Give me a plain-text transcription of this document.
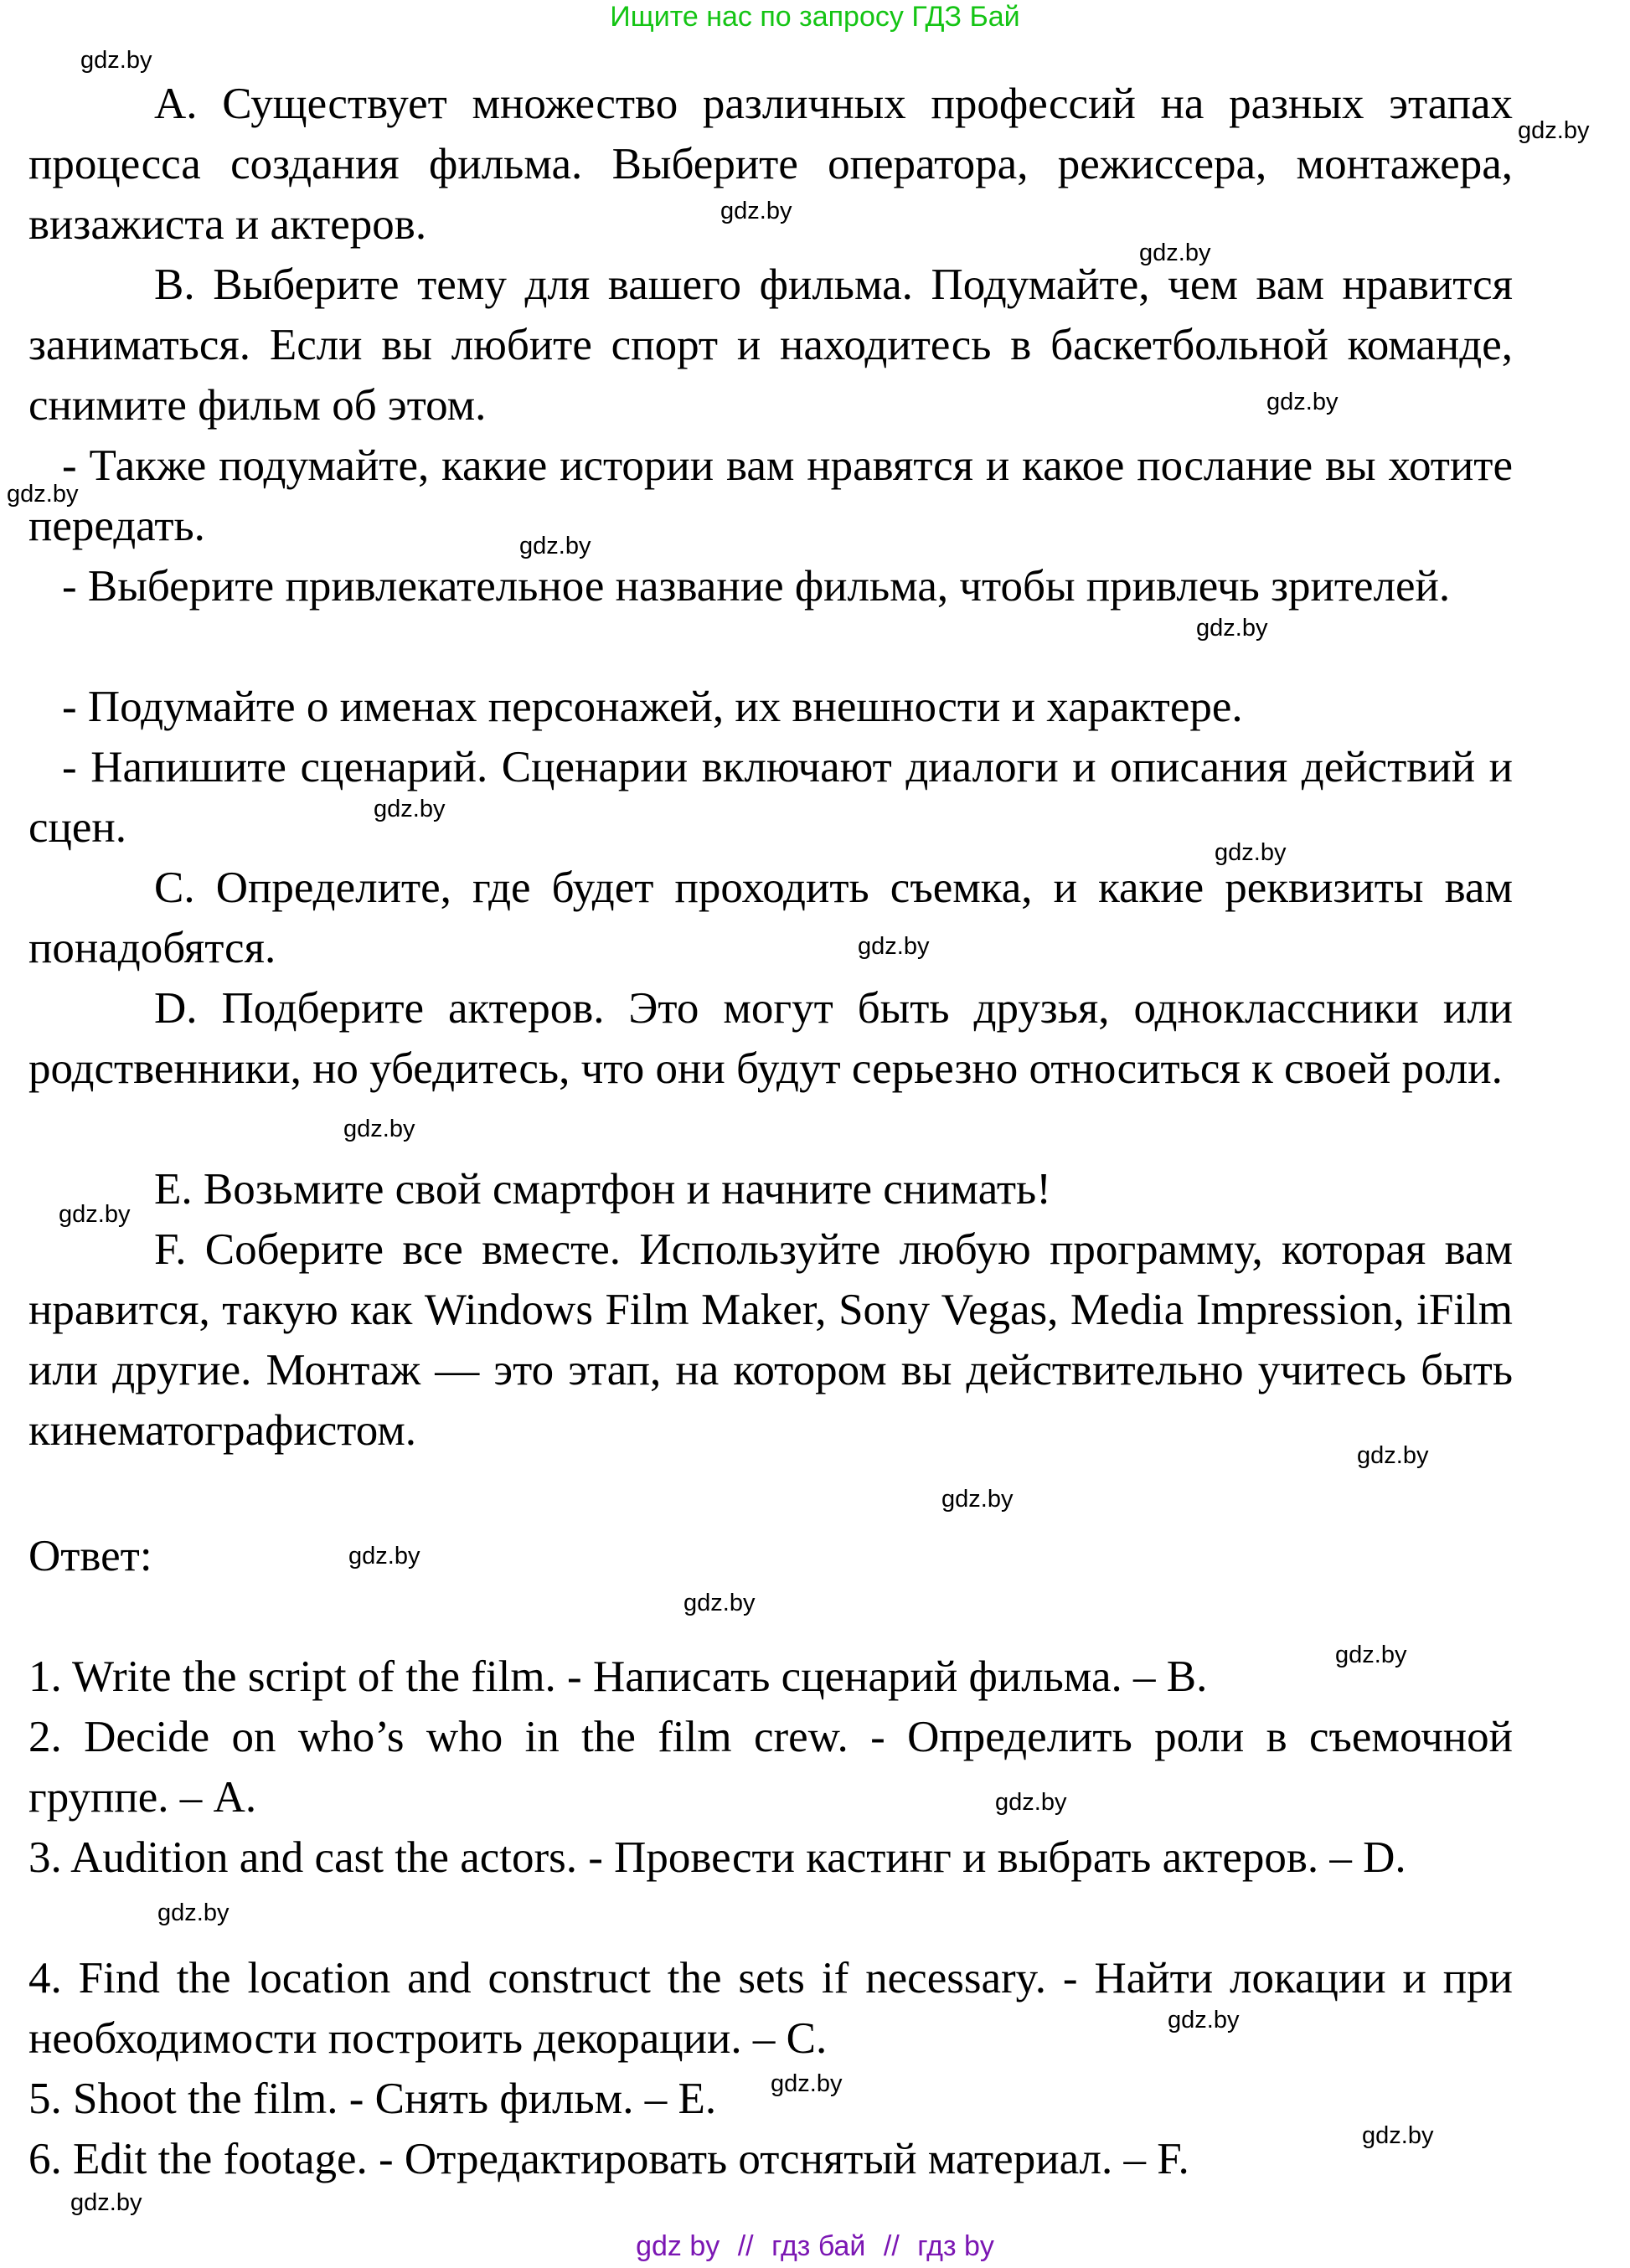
Ищите нас по запросу ГДЗ Бай

A. Существует множество различных профессий на разных этапах процесса создания фильма. Выберите оператора, режиссера, монтажера, визажиста и актеров.

B. Выберите тему для вашего фильма. Подумайте, чем вам нравится заниматься. Если вы любите спорт и находитесь в баскетбольной команде, снимите фильм об этом.

- Также подумайте, какие истории вам нравятся и какое послание вы хотите передать.

- Выберите привлекательное название фильма, чтобы привлечь зрителей.

- Подумайте о именах персонажей, их внешности и характере.

- Напишите сценарий. Сценарии включают диалоги и описания действий и сцен.

C. Определите, где будет проходить съемка, и какие реквизиты вам понадобятся.

D. Подберите актеров. Это могут быть друзья, одноклассники или родственники, но убедитесь, что они будут серьезно относиться к своей роли.

E. Возьмите свой смартфон и начните снимать!

F. Соберите все вместе. Используйте любую программу, которая вам нравится, такую как Windows Film Maker, Sony Vegas, Media Impression, iFilm или другие. Монтаж — это этап, на котором вы действительно учитесь быть кинематографистом.

Ответ:

1. Write the script of the film. - Написать сценарий фильма. – B.

2. Decide on who’s who in the film crew. - Определить роли в съемочной группе. – A.

3. Audition and cast the actors. - Провести кастинг и выбрать актеров. – D.

4. Find the location and construct the sets if necessary. - Найти локации и при необходимости построить декорации. – C.

5. Shoot the film. - Снять фильм. – E.

6. Edit the footage. - Отредактировать отснятый материал. – F.

gdz.by
gdz.by
gdz.by
gdz.by
gdz.by
gdz.by
gdz.by
gdz.by
gdz.by
gdz.by
gdz.by
gdz.by
gdz.by
gdz.by
gdz.by
gdz.by
gdz.by
gdz.by
gdz.by
gdz.by
gdz.by
gdz.by
gdz.by
gdz.by
gdz by // гдз бай // гдз by
